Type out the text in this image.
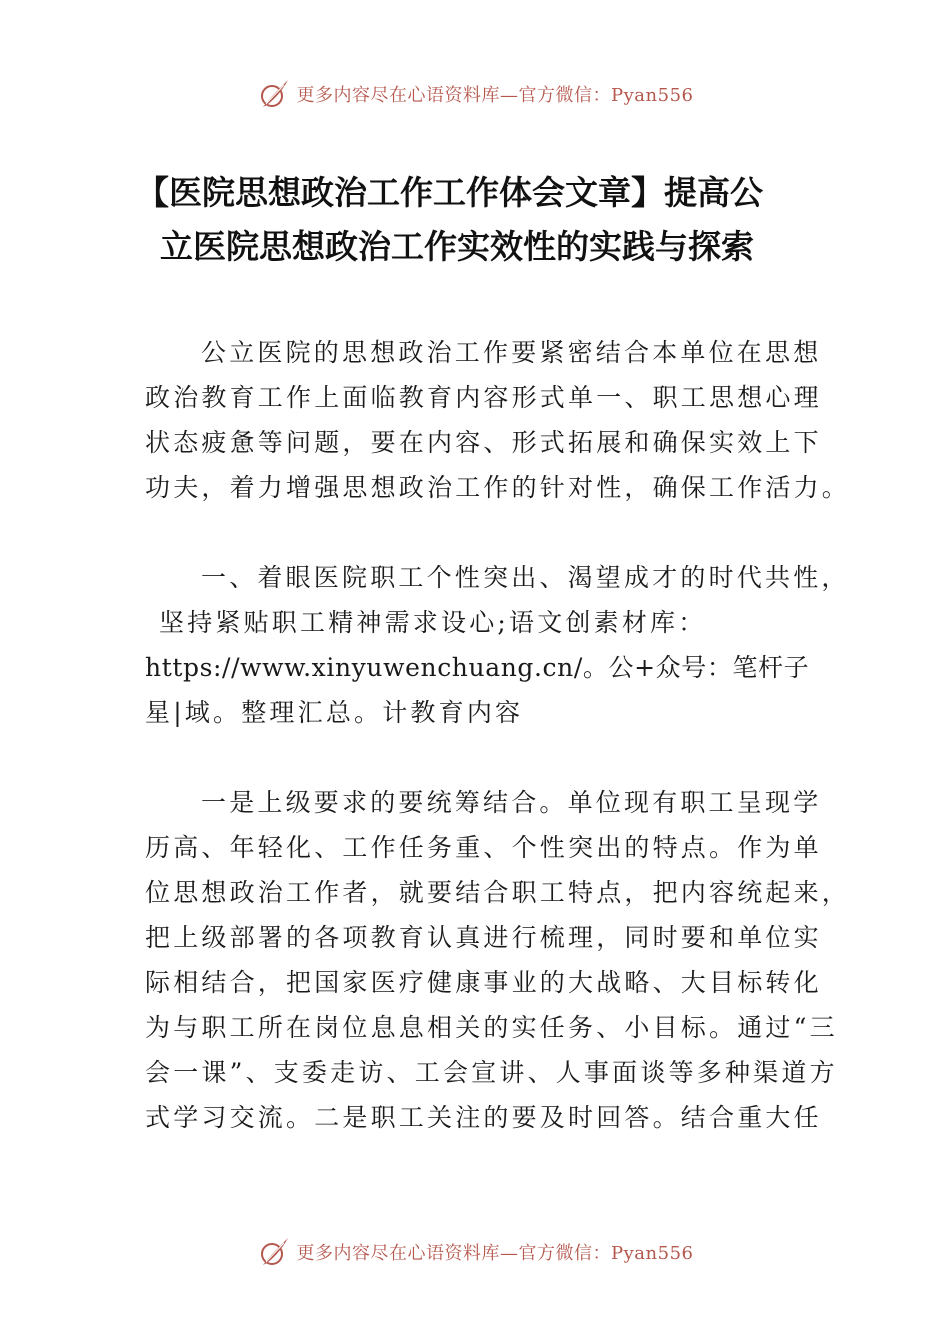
更多内容尽在心语资料库—官方微信：Pyan556
【医院思想政治工作工作体会文章】提高公
立医院思想政治工作实效性的实践与探索

公立医院的思想政治工作要紧密结合本单位在思想
政治教育工作上面临教育内容形式单一、职工思想心理
状态疲惫等问题，要在内容、形式拓展和确保实效上下
功夫，着力增强思想政治工作的针对性，确保工作活力。

一、着眼医院职工个性突出、渴望成才的时代共性，
坚持紧贴职工精神需求设心;语文创素材库：
https://www.xinyuwenchuang.cn/。公+众号：笔杆子
星|域。整理汇总。计教育内容

一是上级要求的要统筹结合。单位现有职工呈现学
历高、年轻化、工作任务重、个性突出的特点。作为单
位思想政治工作者，就要结合职工特点，把内容统起来，
把上级部署的各项教育认真进行梳理，同时要和单位实
际相结合，把国家医疗健康事业的大战略、大目标转化
为与职工所在岗位息息相关的实任务、小目标。通过“三
会一课”、支委走访、工会宣讲、人事面谈等多种渠道方
式学习交流。二是职工关注的要及时回答。结合重大任

更多内容尽在心语资料库—官方微信：Pyan556
